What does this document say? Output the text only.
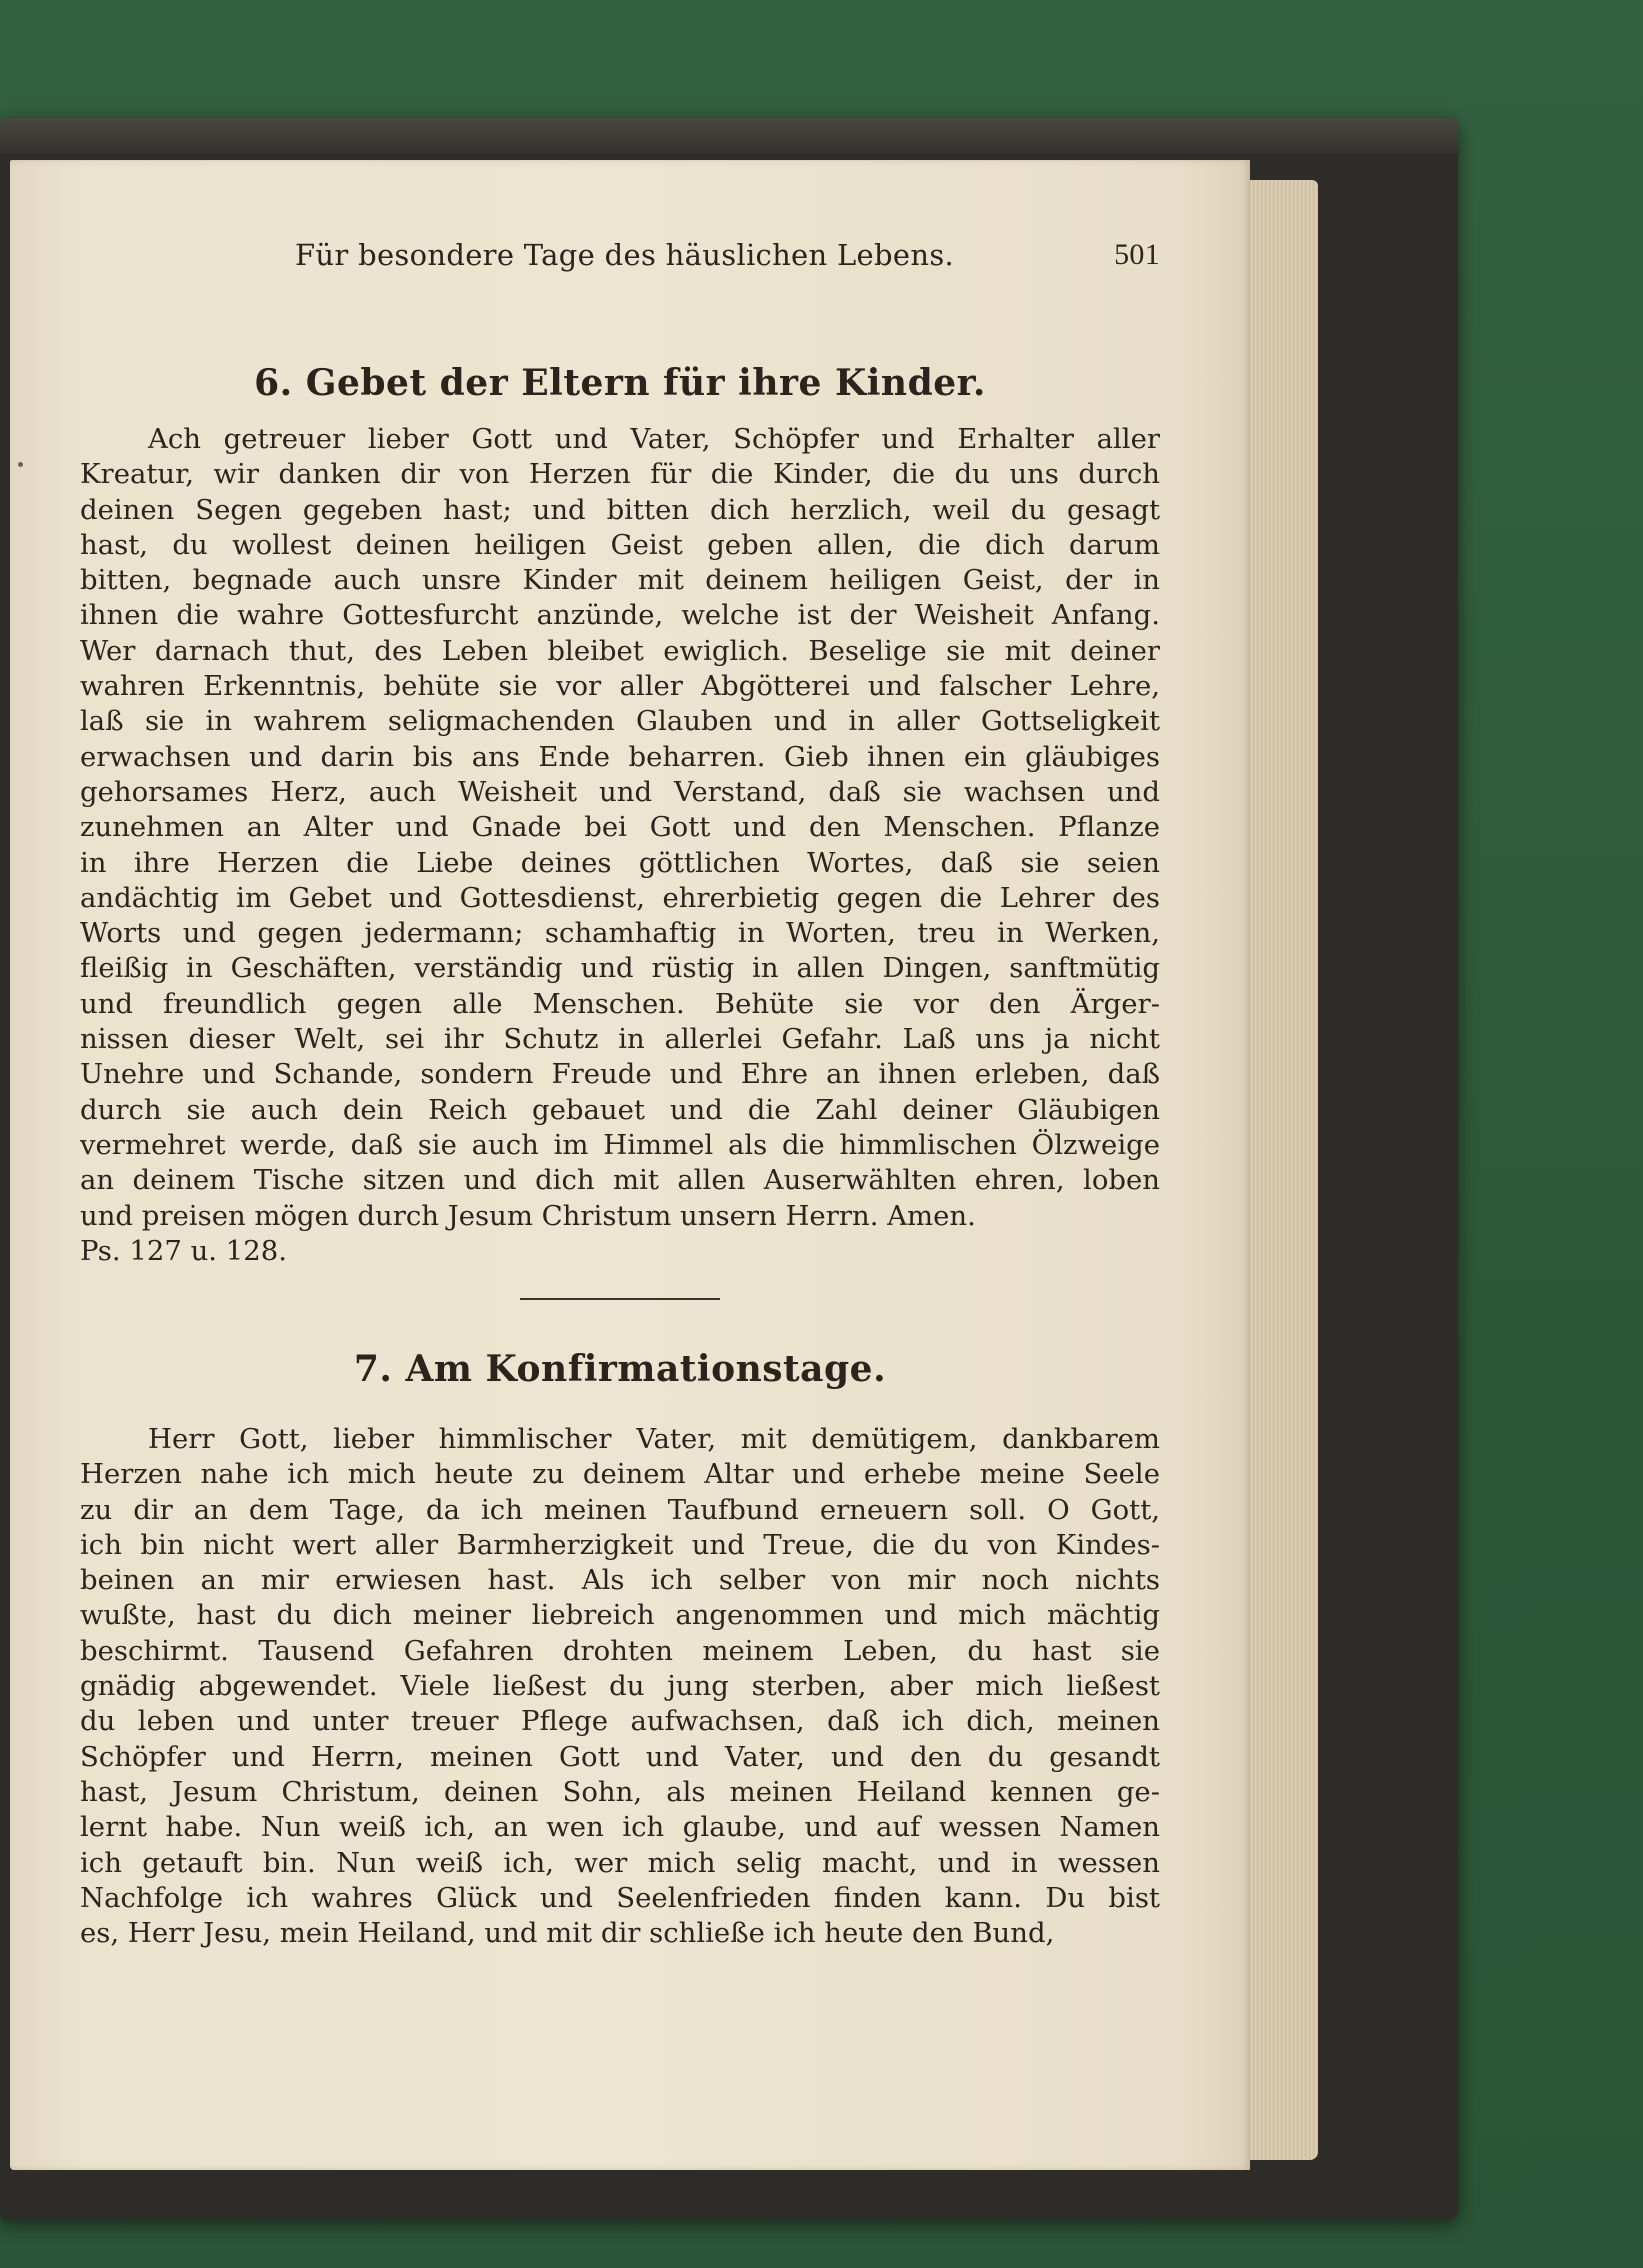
Für besondere Tage des häuslichen Lebens.	501
6. Gebet der Eltern für ihre Kinder.
Ach getreuer lieber Gott und Vater, Schöpfer und Erhalter aller
Kreatur, wir danken dir von Herzen für die Kinder, die du uns durch
deinen Segen gegeben hast; und bitten dich herzlich, weil du gesagt
hast, du wollest deinen heiligen Geist geben allen, die dich darum
bitten, begnade auch unsre Kinder mit deinem heiligen Geist, der in
ihnen die wahre Gottesfurcht anzünde, welche ist der Weisheit Anfang.
Wer darnach thut, des Leben bleibet ewiglich. Beselige sie mit deiner
wahren Erkenntnis, behüte sie vor aller Abgötterei und falscher Lehre,
laß sie in wahrem seligmachenden Glauben und in aller Gottseligkeit
erwachsen und darin bis ans Ende beharren. Gieb ihnen ein gläubiges
gehorsames Herz, auch Weisheit und Verstand, daß sie wachsen und
zunehmen an Alter und Gnade bei Gott und den Menschen. Pflanze
in ihre Herzen die Liebe deines göttlichen Wortes, daß sie seien
andächtig im Gebet und Gottesdienst, ehrerbietig gegen die Lehrer des
Worts und gegen jedermann; schamhaftig in Worten, treu in Werken,
fleißig in Geschäften, verständig und rüstig in allen Dingen, sanftmütig
und freundlich gegen alle Menschen. Behüte sie vor den Ärger-
nissen dieser Welt, sei ihr Schutz in allerlei Gefahr. Laß uns ja nicht
Unehre und Schande, sondern Freude und Ehre an ihnen erleben, daß
durch sie auch dein Reich gebauet und die Zahl deiner Gläubigen
vermehret werde, daß sie auch im Himmel als die himmlischen Ölzweige
an deinem Tische sitzen und dich mit allen Auserwählten ehren, loben
und preisen mögen durch Jesum Christum unsern Herrn. Amen.
Ps. 127 u. 128.
7. Am Konfirmationstage.
Herr Gott, lieber himmlischer Vater, mit demütigem, dankbarem
Herzen nahe ich mich heute zu deinem Altar und erhebe meine Seele
zu dir an dem Tage, da ich meinen Taufbund erneuern soll. O Gott,
ich bin nicht wert aller Barmherzigkeit und Treue, die du von Kindes-
beinen an mir erwiesen hast. Als ich selber von mir noch nichts
wußte, hast du dich meiner liebreich angenommen und mich mächtig
beschirmt. Tausend Gefahren drohten meinem Leben, du hast sie
gnädig abgewendet. Viele ließest du jung sterben, aber mich ließest
du leben und unter treuer Pflege aufwachsen, daß ich dich, meinen
Schöpfer und Herrn, meinen Gott und Vater, und den du gesandt
hast, Jesum Christum, deinen Sohn, als meinen Heiland kennen ge-
lernt habe. Nun weiß ich, an wen ich glaube, und auf wessen Namen
ich getauft bin. Nun weiß ich, wer mich selig macht, und in wessen
Nachfolge ich wahres Glück und Seelenfrieden finden kann. Du bist
es, Herr Jesu, mein Heiland, und mit dir schließe ich heute den Bund,
